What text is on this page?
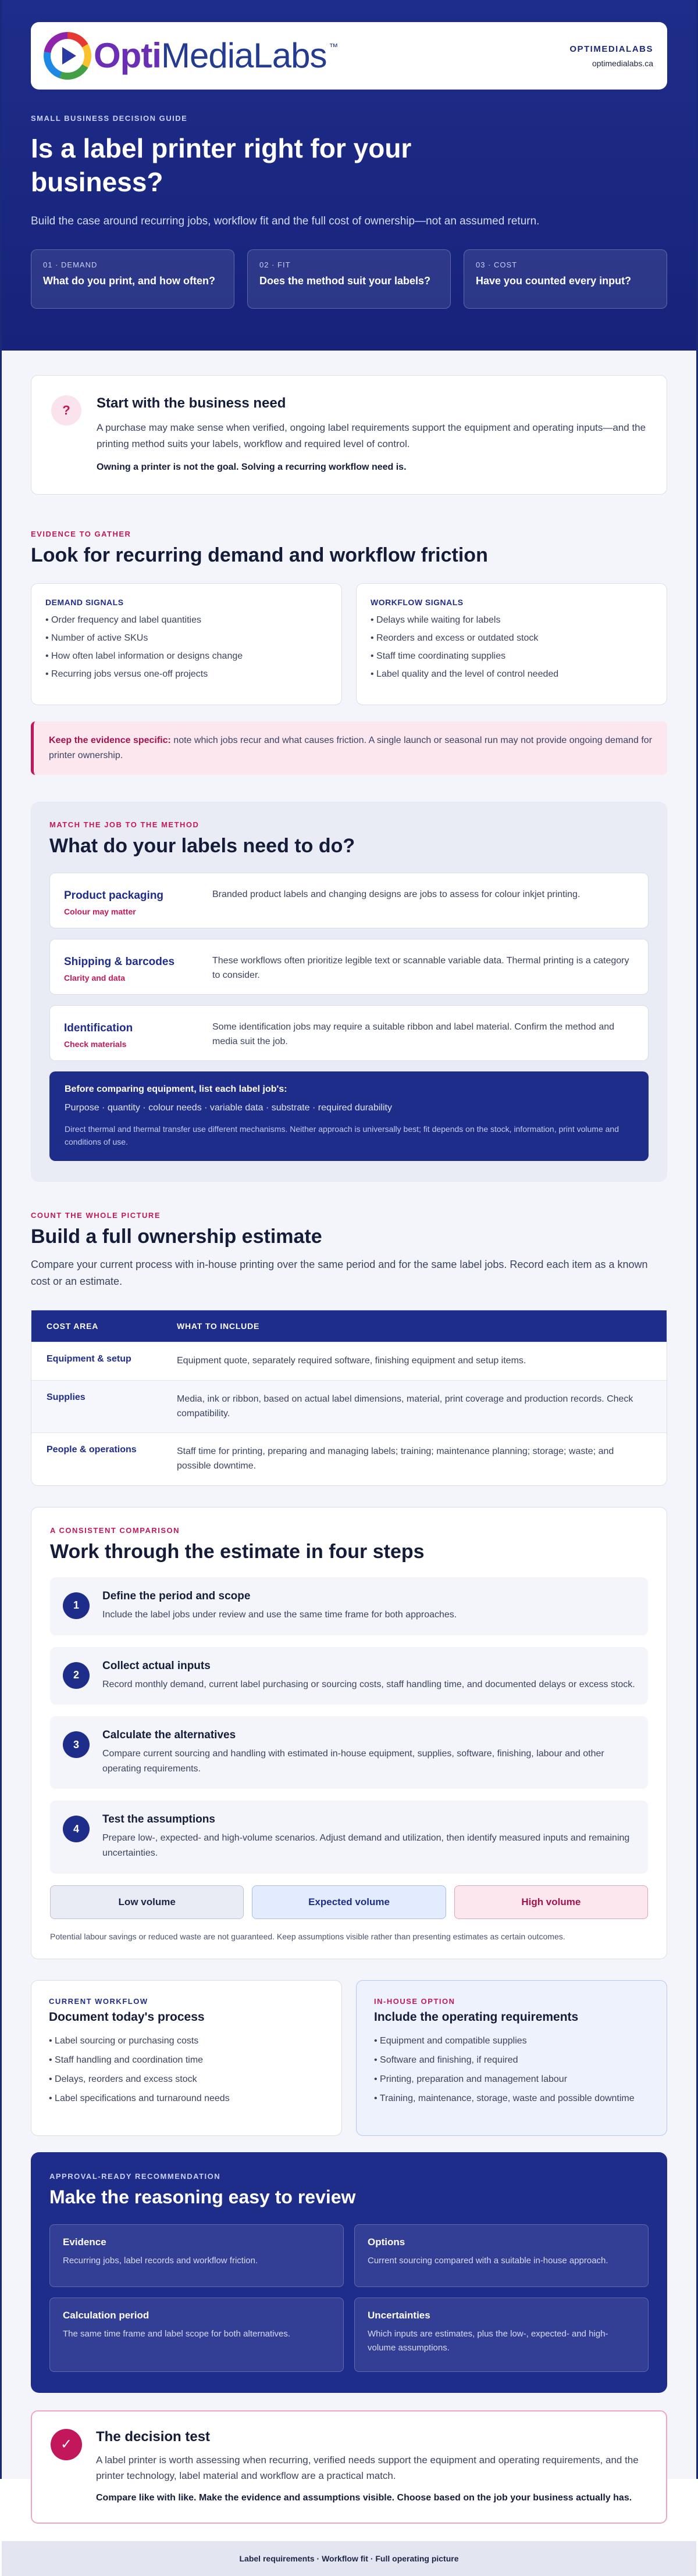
OptiMediaLabs ™	OPTIMEDIALABS
optimedialabs.ca
SMALL BUSINESS DECISION GUIDE
Is a label printer right for your business?

Build the case around recurring jobs, workflow fit and the full cost of ownership—not an assumed return.

01 · DEMAND
What do you print, and how often?
02 · FIT
Does the method suit your labels?
03 · COST
Have you counted every input?
?	Start with the business need

A purchase may make sense when verified, ongoing label requirements support the equipment and operating inputs—and the printing method suits your labels, workflow and required level of control.

Owning a printer is not the goal. Solving a recurring workflow need is.

EVIDENCE TO GATHER
Look for recurring demand and workflow friction
DEMAND SIGNALS
• Order frequency and label quantities
• Number of active SKUs
• How often label information or designs change
• Recurring jobs versus one-off projects
WORKFLOW SIGNALS
• Delays while waiting for labels
• Reorders and excess or outdated stock
• Staff time coordinating supplies
• Label quality and the level of control needed
Keep the evidence specific: note which jobs recur and what causes friction. A single launch or seasonal run may not provide ongoing demand for printer ownership.
MATCH THE JOB TO THE METHOD
What do your labels need to do?
Product packaging
Colour may matter
Branded product labels and changing designs are jobs to assess for colour inkjet printing.
Shipping & barcodes
Clarity and data
These workflows often prioritize legible text or scannable variable data. Thermal printing is a category to consider.
Identification
Check materials
Some identification jobs may require a suitable ribbon and label material. Confirm the method and media suit the job.
Before comparing equipment, list each label job's:
Purpose · quantity · colour needs · variable data · substrate · required durability
Direct thermal and thermal transfer use different mechanisms. Neither approach is universally best; fit depends on the stock, information, print volume and conditions of use.
COUNT THE WHOLE PICTURE
Build a full ownership estimate

Compare your current process with in-house printing over the same period and for the same label jobs. Record each item as a known cost or an estimate.

COST AREA	WHAT TO INCLUDE
Equipment & setup	Equipment quote, separately required software, finishing equipment and setup items.
Supplies	Media, ink or ribbon, based on actual label dimensions, material, print coverage and production records. Check compatibility.
People & operations	Staff time for printing, preparing and managing labels; training; maintenance planning; storage; waste; and possible downtime.
A CONSISTENT COMPARISON
Work through the estimate in four steps
1
Define the period and scope
Include the label jobs under review and use the same time frame for both approaches.
2
Collect actual inputs
Record monthly demand, current label purchasing or sourcing costs, staff handling time, and documented delays or excess stock.
3
Calculate the alternatives
Compare current sourcing and handling with estimated in-house equipment, supplies, software, finishing, labour and other operating requirements.
4
Test the assumptions
Prepare low-, expected- and high-volume scenarios. Adjust demand and utilization, then identify measured inputs and remaining uncertainties.
Low volume	Expected volume	High volume
Potential labour savings or reduced waste are not guaranteed. Keep assumptions visible rather than presenting estimates as certain outcomes.
CURRENT WORKFLOW
Document today's process
• Label sourcing or purchasing costs
• Staff handling and coordination time
• Delays, reorders and excess stock
• Label specifications and turnaround needs
IN-HOUSE OPTION
Include the operating requirements
• Equipment and compatible supplies
• Software and finishing, if required
• Printing, preparation and management labour
• Training, maintenance, storage, waste and possible downtime
APPROVAL-READY RECOMMENDATION
Make the reasoning easy to review
Evidence
Recurring jobs, label records and workflow friction.
Options
Current sourcing compared with a suitable in-house approach.
Calculation period
The same time frame and label scope for both alternatives.
Uncertainties
Which inputs are estimates, plus the low-, expected- and high-volume assumptions.
✓	The decision test

A label printer is worth assessing when recurring, verified needs support the equipment and operating requirements, and the printer technology, label material and workflow are a practical match.

Compare like with like. Make the evidence and assumptions visible. Choose based on the job your business actually has.

Label requirements · Workflow fit · Full operating picture
